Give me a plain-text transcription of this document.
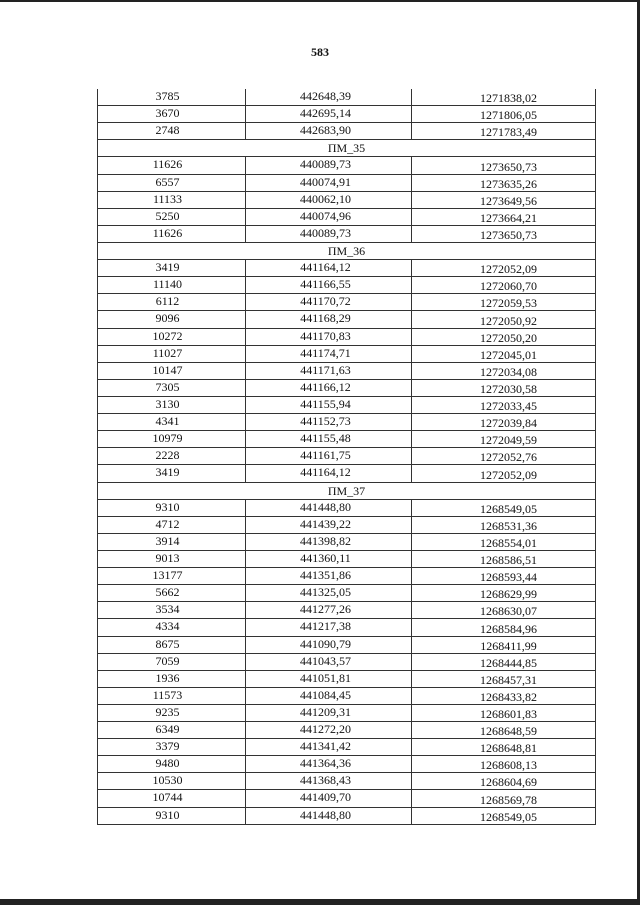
583
3785	442648,39	1271838,02
3670	442695,14	1271806,05
2748	442683,90	1271783,49
ПМ_35		
11626	440089,73	1273650,73
6557	440074,91	1273635,26
11133	440062,10	1273649,56
5250	440074,96	1273664,21
11626	440089,73	1273650,73
ПМ_36		
3419	441164,12	1272052,09
11140	441166,55	1272060,70
6112	441170,72	1272059,53
9096	441168,29	1272050,92
10272	441170,83	1272050,20
11027	441174,71	1272045,01
10147	441171,63	1272034,08
7305	441166,12	1272030,58
3130	441155,94	1272033,45
4341	441152,73	1272039,84
10979	441155,48	1272049,59
2228	441161,75	1272052,76
3419	441164,12	1272052,09
ПМ_37		
9310	441448,80	1268549,05
4712	441439,22	1268531,36
3914	441398,82	1268554,01
9013	441360,11	1268586,51
13177	441351,86	1268593,44
5662	441325,05	1268629,99
3534	441277,26	1268630,07
4334	441217,38	1268584,96
8675	441090,79	1268411,99
7059	441043,57	1268444,85
1936	441051,81	1268457,31
11573	441084,45	1268433,82
9235	441209,31	1268601,83
6349	441272,20	1268648,59
3379	441341,42	1268648,81
9480	441364,36	1268608,13
10530	441368,43	1268604,69
10744	441409,70	1268569,78
9310	441448,80	1268549,05
